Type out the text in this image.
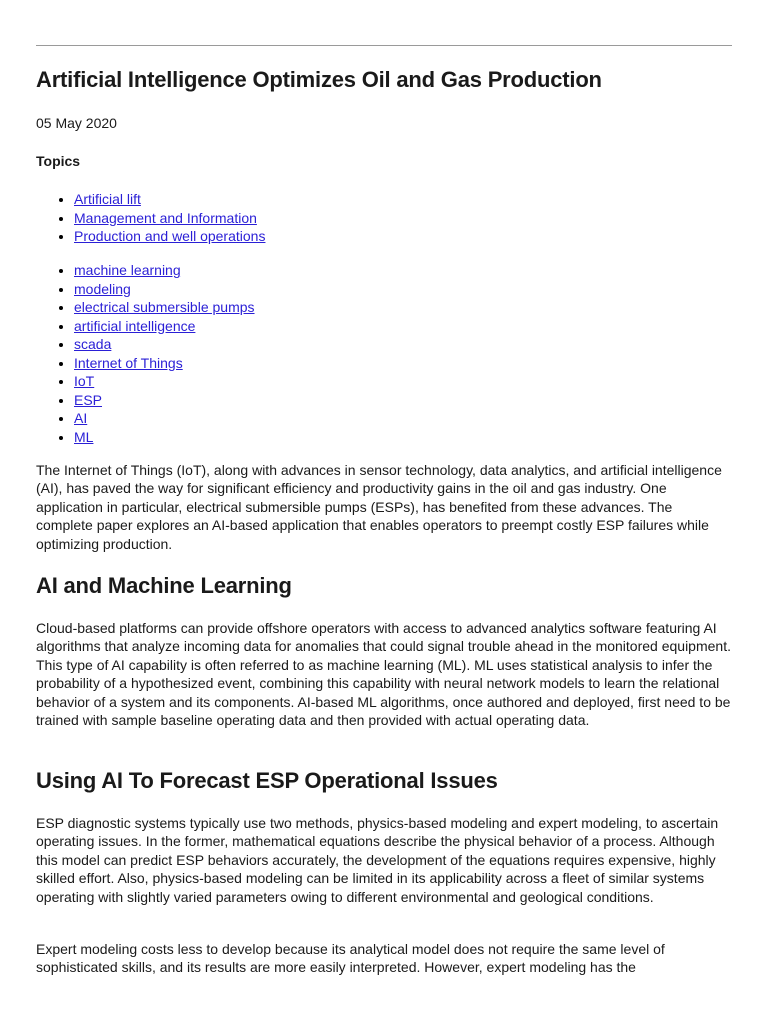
Artificial Intelligence Optimizes Oil and Gas Production

05 May 2020

Topics

• Artificial lift
• Management and Information
• Production and well operations
• machine learning
• modeling
• electrical submersible pumps
• artificial intelligence
• scada
• Internet of Things
• IoT
• ESP
• AI
• ML

The Internet of Things (IoT), along with advances in sensor technology, data analytics, and artificial intelligence (AI), has paved the way for significant efficiency and productivity gains in the oil and gas industry. One application in particular, electrical submersible pumps (ESPs), has benefited from these advances. The complete paper explores an AI-based application that enables operators to preempt costly ESP failures while optimizing production.

AI and Machine Learning

Cloud-based platforms can provide offshore operators with access to advanced analytics software featuring AI algorithms that analyze incoming data for anomalies that could signal trouble ahead in the monitored equipment. This type of AI capability is often referred to as machine learning (ML). ML uses statistical analysis to infer the probability of a hypothesized event, combining this capability with neural network models to learn the relational behavior of a system and its components. AI-based ML algorithms, once authored and deployed, first need to be trained with sample baseline operating data and then provided with actual operating data.

Using AI To Forecast ESP Operational Issues

ESP diagnostic systems typically use two methods, physics-based modeling and expert modeling, to ascertain operating issues. In the former, mathematical equations describe the physical behavior of a process. Although this model can predict ESP behaviors accurately, the development of the equations requires expensive, highly skilled effort. Also, physics-based modeling can be limited in its applicability across a fleet of similar systems operating with slightly varied parameters owing to different environmental and geological conditions.

Expert modeling costs less to develop because its analytical model does not require the same level of sophisticated skills, and its results are more easily interpreted. However, expert modeling has the
